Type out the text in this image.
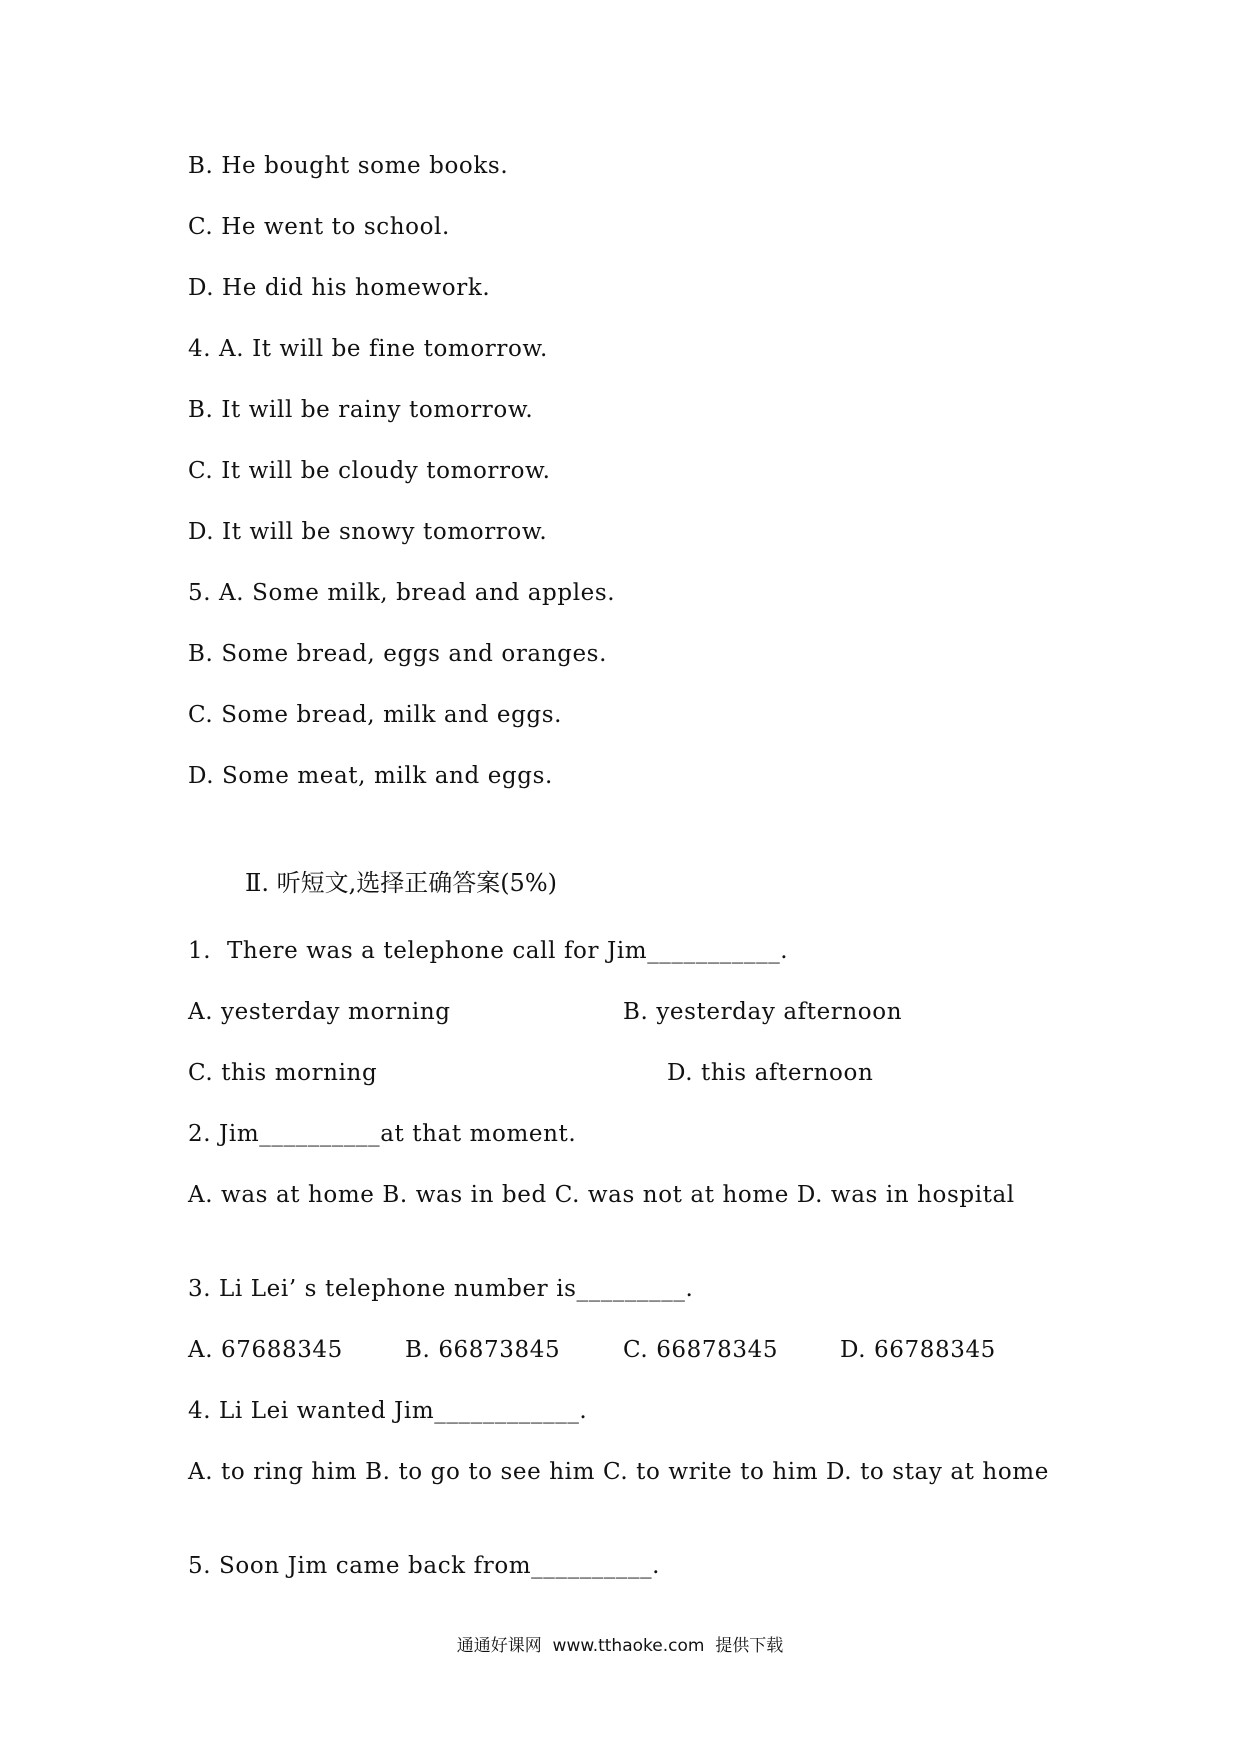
B. He bought some books.
C. He went to school.
D. He did his homework.
4. A. It will be fine tomorrow.
B. It will be rainy tomorrow.
C. It will be cloudy tomorrow.
D. It will be snowy tomorrow.
5. A. Some milk, bread and apples.
B. Some bread, eggs and oranges.
C. Some bread, milk and eggs.
D. Some meat, milk and eggs.
Ⅱ. 听短文,选择正确答案(5%)
1.  There was a telephone call for Jim___________.
A. yesterday morning	B. yesterday afternoon
C. this morning	D. this afternoon
2. Jim__________at that moment.
A. was at home B. was in bed C. was not at home D. was in hospital
3. Li Lei’ s telephone number is_________.
A. 67688345	B. 66873845	C. 66878345	D. 66788345
4. Li Lei wanted Jim____________.
A. to ring him B. to go to see him C. to write to him D. to stay at home
5. Soon Jim came back from__________.
通通好课网  www.tthaoke.com  提供下载
